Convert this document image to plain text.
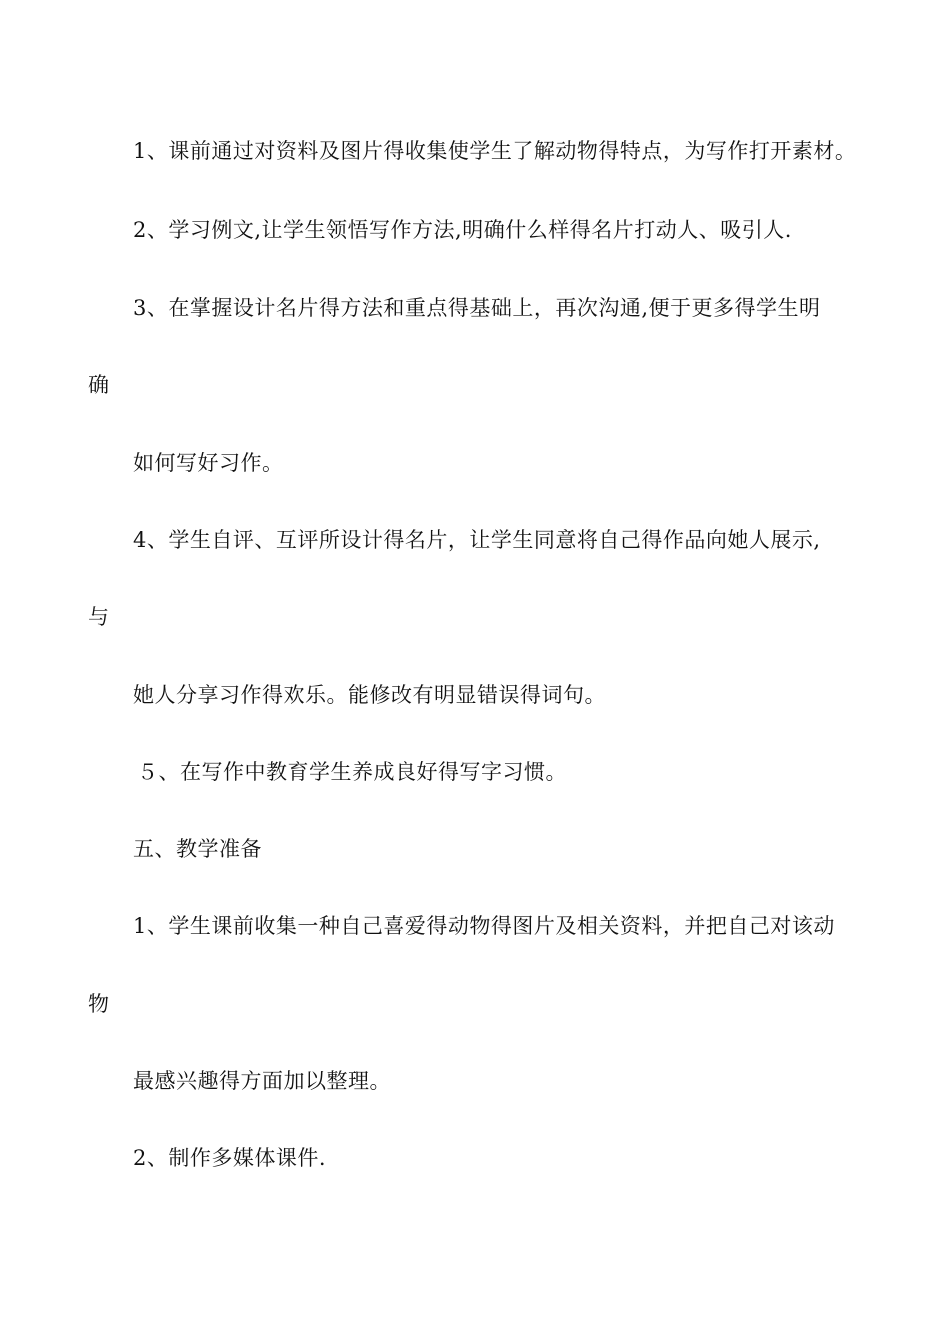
1、课前通过对资料及图片得收集使学生了解动物得特点，为写作打开素材。
2、学习例文,让学生领悟写作方法,明确什么样得名片打动人、吸引人.
3、在掌握设计名片得方法和重点得基础上，再次沟通,便于更多得学生明
确
如何写好习作。
4、学生自评、互评所设计得名片，让学生同意将自己得作品向她人展示,
与
她人分享习作得欢乐。能修改有明显错误得词句。
５、在写作中教育学生养成良好得写字习惯。
五、教学准备
1、学生课前收集一种自己喜爱得动物得图片及相关资料，并把自己对该动
物
最感兴趣得方面加以整理。
2、制作多媒体课件.
